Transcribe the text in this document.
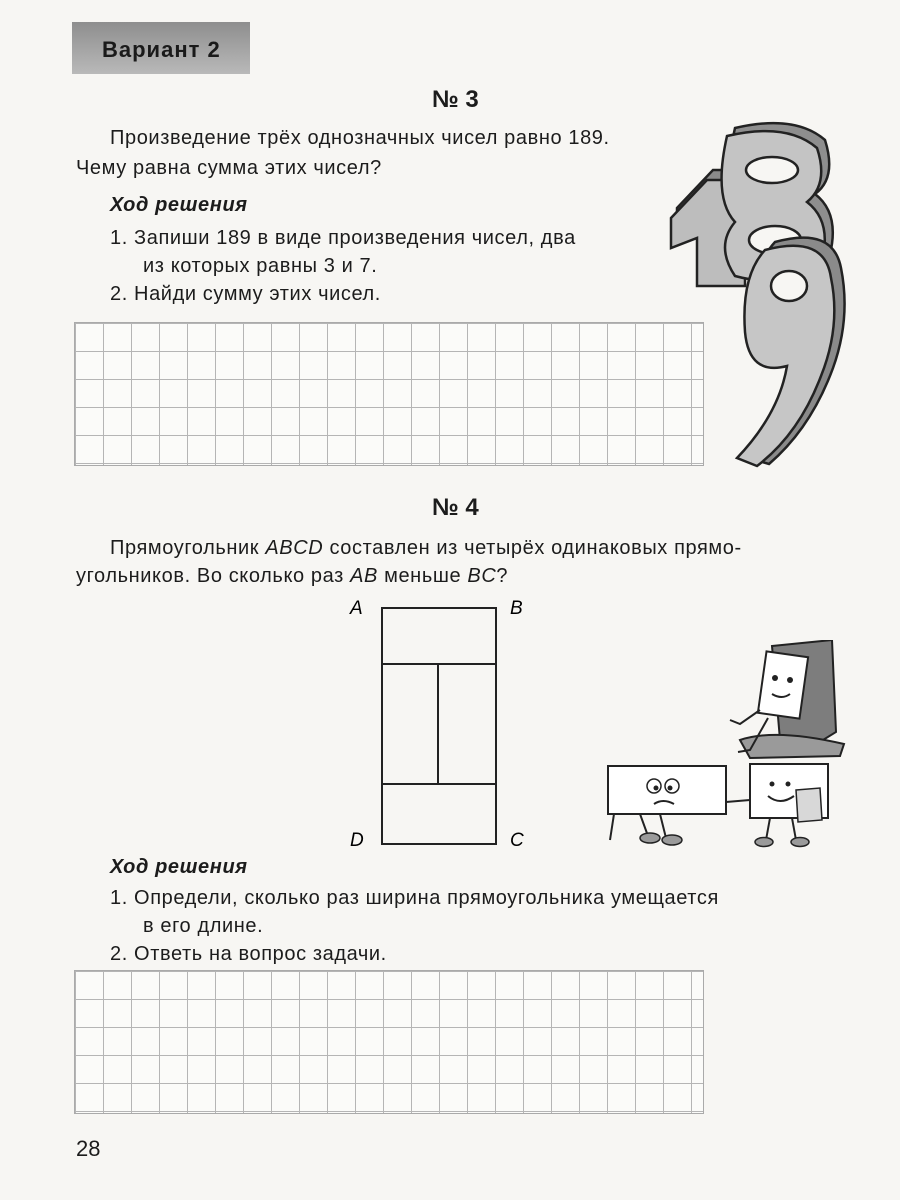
Вариант 2
№ 3
Произведение трёх однозначных чисел равно 189.
Чему равна сумма этих чисел?
Ход решения
1. Запиши 189 в виде произведения чисел, два
из которых равны 3 и 7.
2. Найди сумму этих чисел.
№ 4
Прямоугольник ABCD составлен из четырёх одинаковых прямо-
угольников. Во сколько раз AB меньше BC?
A	B
C
D
Ход решения
1. Определи, сколько раз ширина прямоугольника умещается
в его длине.
2. Ответь на вопрос задачи.
28
